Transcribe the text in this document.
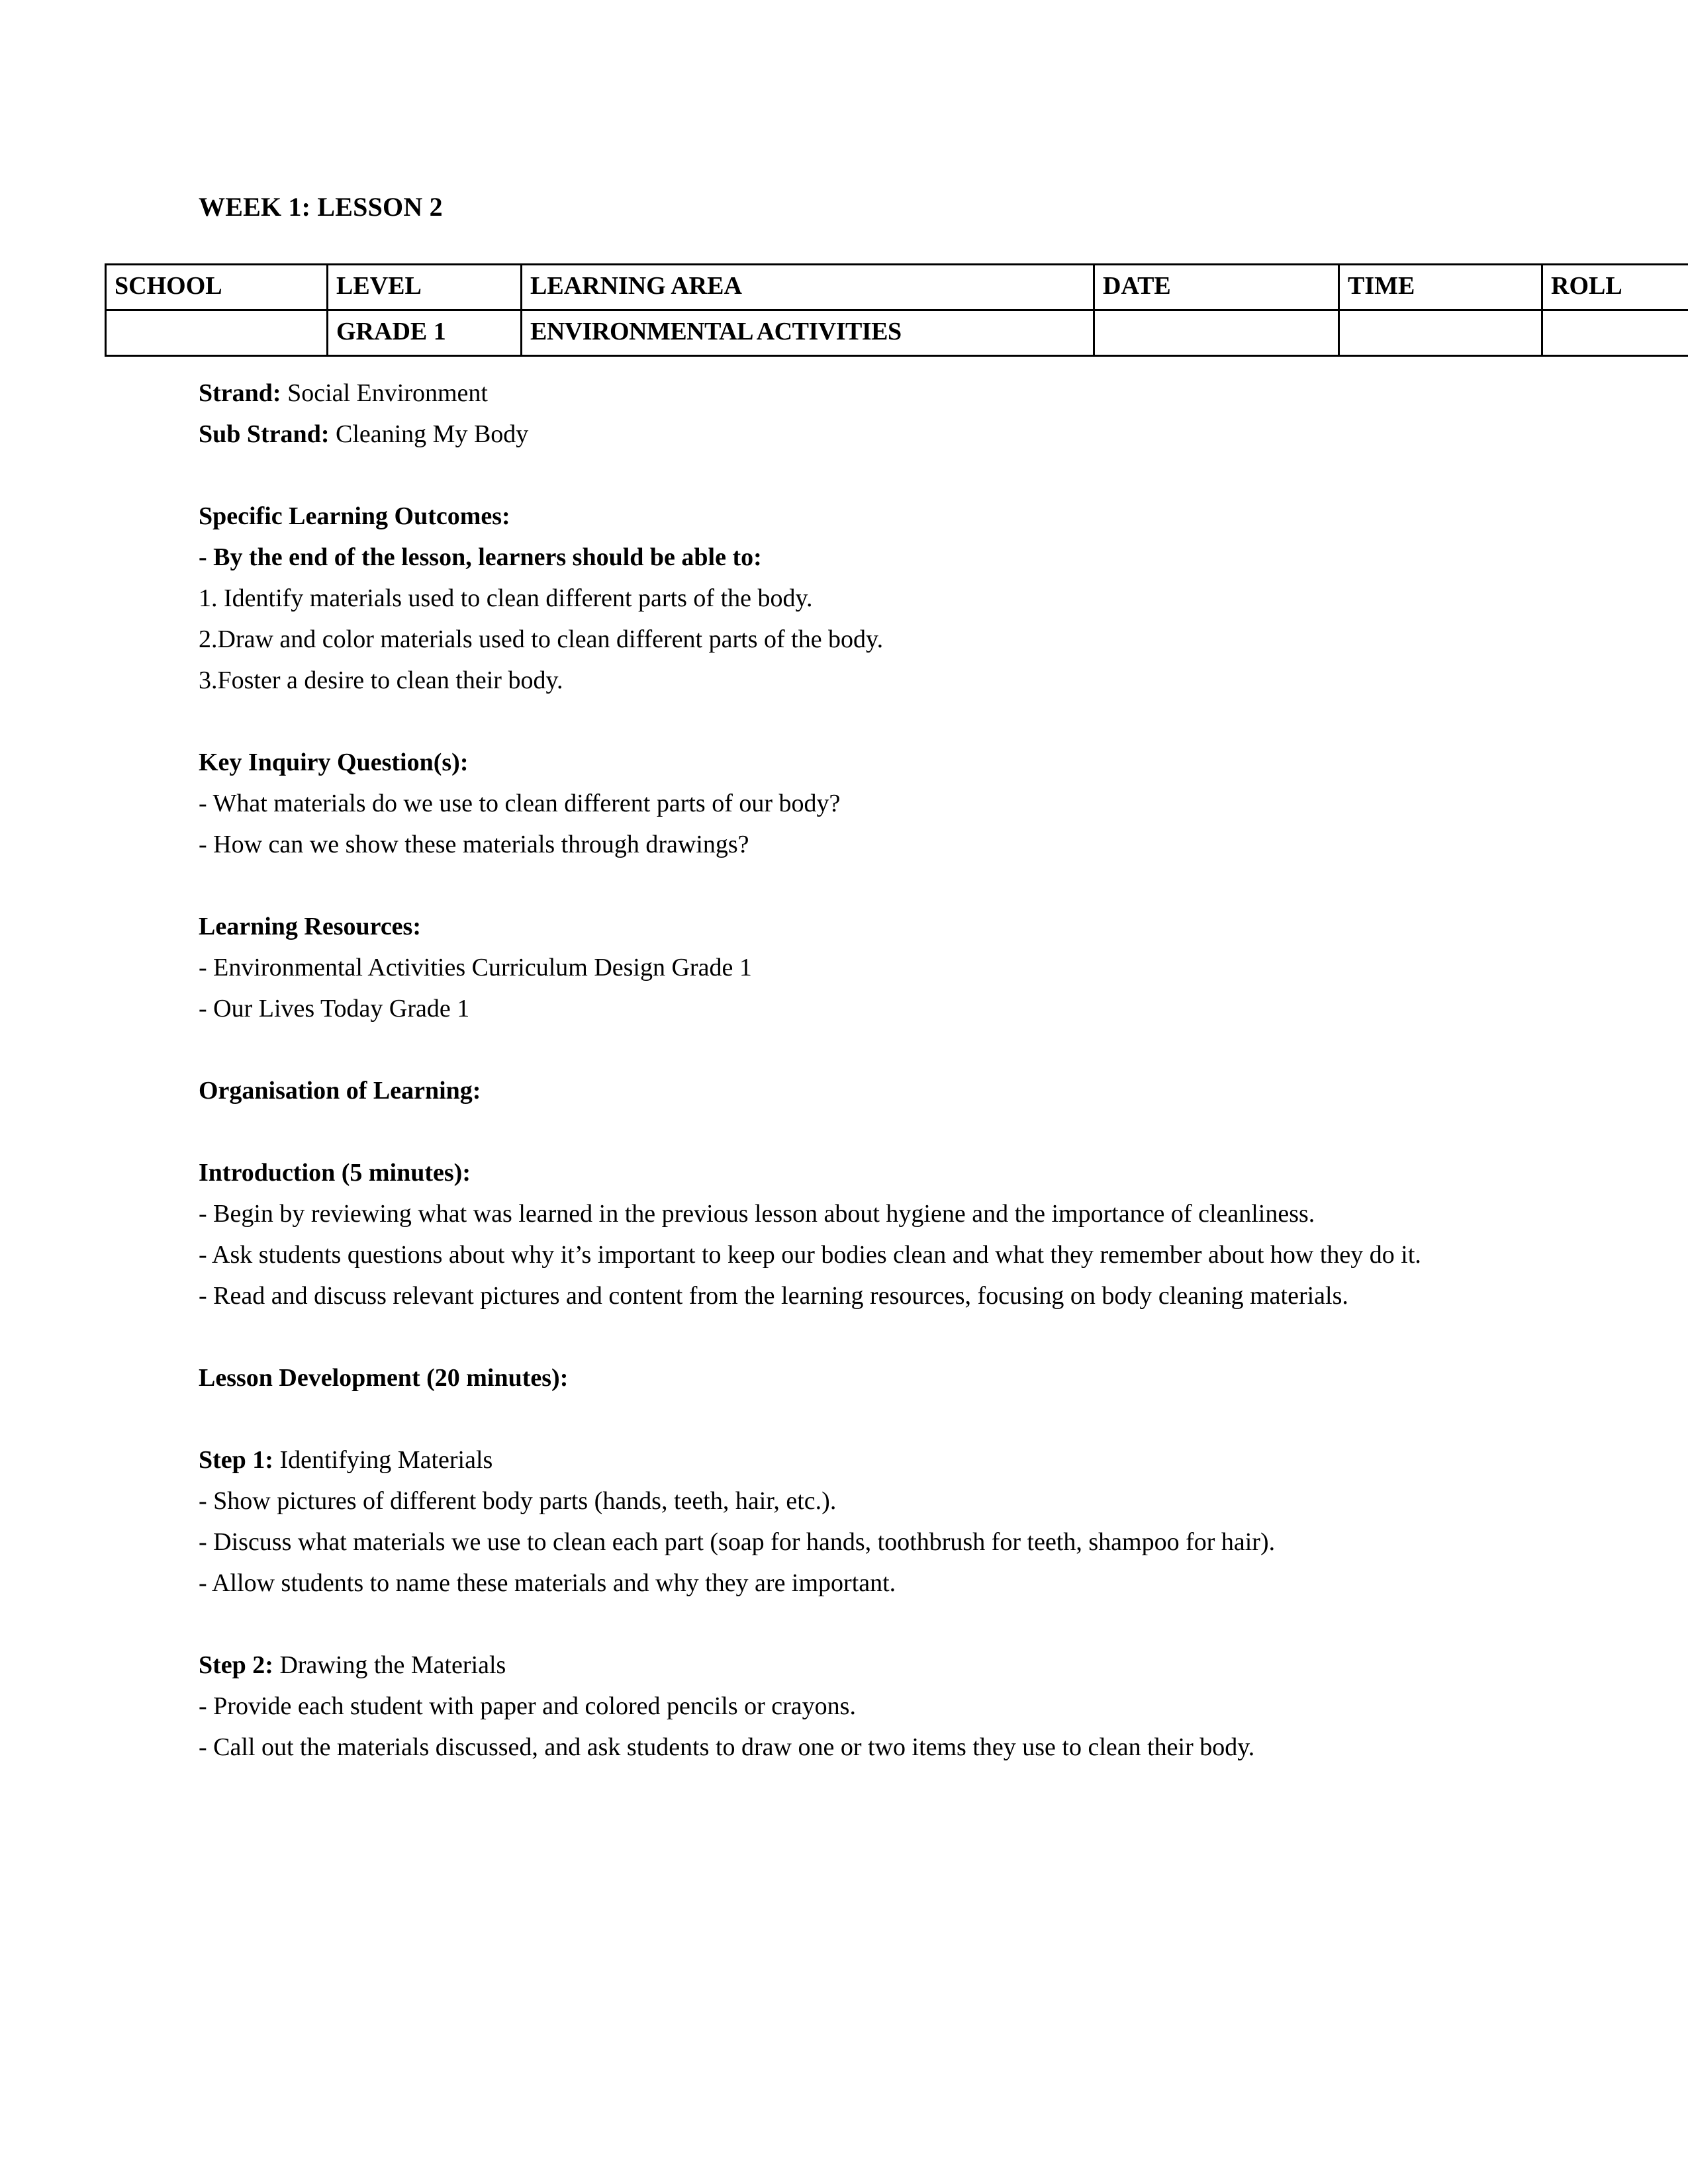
WEEK 1: LESSON 2
SCHOOL	LEVEL	LEARNING AREA	DATE	TIME	ROLL
	GRADE 1	ENVIRONMENTAL ACTIVITIES			

Strand: Social Environment

Sub Strand: Cleaning My Body

Specific Learning Outcomes:

- By the end of the lesson, learners should be able to:

1. Identify materials used to clean different parts of the body.

2.Draw and color materials used to clean different parts of the body.

3.Foster a desire to clean their body.

Key Inquiry Question(s):

- What materials do we use to clean different parts of our body?

- How can we show these materials through drawings?

Learning Resources:

- Environmental Activities Curriculum Design Grade 1

- Our Lives Today Grade 1

Organisation of Learning:

Introduction (5 minutes):

- Begin by reviewing what was learned in the previous lesson about hygiene and the importance of cleanliness.

- Ask students questions about why it’s important to keep our bodies clean and what they remember about how they do it.

- Read and discuss relevant pictures and content from the learning resources, focusing on body cleaning materials.

Lesson Development (20 minutes):

Step 1: Identifying Materials

- Show pictures of different body parts (hands, teeth, hair, etc.).

- Discuss what materials we use to clean each part (soap for hands, toothbrush for teeth, shampoo for hair).

- Allow students to name these materials and why they are important.

Step 2: Drawing the Materials

- Provide each student with paper and colored pencils or crayons.

- Call out the materials discussed, and ask students to draw one or two items they use to clean their body.
